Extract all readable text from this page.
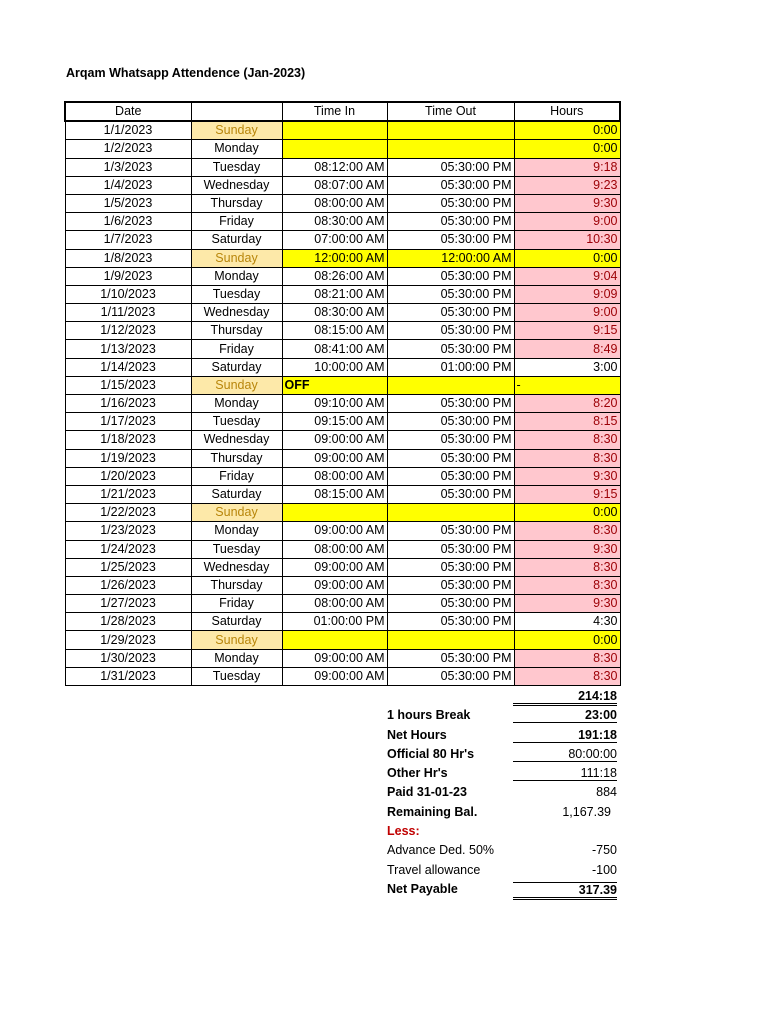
Arqam Whatsapp Attendence (Jan-2023)
Date		Time In	Time Out	Hours
1/1/2023	Sunday			0:00
1/2/2023	Monday			0:00
1/3/2023	Tuesday	08:12:00 AM	05:30:00 PM	9:18
1/4/2023	Wednesday	08:07:00 AM	05:30:00 PM	9:23
1/5/2023	Thursday	08:00:00 AM	05:30:00 PM	9:30
1/6/2023	Friday	08:30:00 AM	05:30:00 PM	9:00
1/7/2023	Saturday	07:00:00 AM	05:30:00 PM	10:30
1/8/2023	Sunday	12:00:00 AM	12:00:00 AM	0:00
1/9/2023	Monday	08:26:00 AM	05:30:00 PM	9:04
1/10/2023	Tuesday	08:21:00 AM	05:30:00 PM	9:09
1/11/2023	Wednesday	08:30:00 AM	05:30:00 PM	9:00
1/12/2023	Thursday	08:15:00 AM	05:30:00 PM	9:15
1/13/2023	Friday	08:41:00 AM	05:30:00 PM	8:49
1/14/2023	Saturday	10:00:00 AM	01:00:00 PM	3:00
1/15/2023	Sunday	OFF		-
1/16/2023	Monday	09:10:00 AM	05:30:00 PM	8:20
1/17/2023	Tuesday	09:15:00 AM	05:30:00 PM	8:15
1/18/2023	Wednesday	09:00:00 AM	05:30:00 PM	8:30
1/19/2023	Thursday	09:00:00 AM	05:30:00 PM	8:30
1/20/2023	Friday	08:00:00 AM	05:30:00 PM	9:30
1/21/2023	Saturday	08:15:00 AM	05:30:00 PM	9:15
1/22/2023	Sunday			0:00
1/23/2023	Monday	09:00:00 AM	05:30:00 PM	8:30
1/24/2023	Tuesday	08:00:00 AM	05:30:00 PM	9:30
1/25/2023	Wednesday	09:00:00 AM	05:30:00 PM	8:30
1/26/2023	Thursday	09:00:00 AM	05:30:00 PM	8:30
1/27/2023	Friday	08:00:00 AM	05:30:00 PM	9:30
1/28/2023	Saturday	01:00:00 PM	05:30:00 PM	4:30
1/29/2023	Sunday			0:00
1/30/2023	Monday	09:00:00 AM	05:30:00 PM	8:30
1/31/2023	Tuesday	09:00:00 AM	05:30:00 PM	8:30
214:18
1 hours Break	23:00
Net Hours	191:18
Official 80 Hr's	80:00:00
Other Hr's	111:18
Paid 31-01-23	884
Remaining Bal.	1,167.39
Less:
Advance Ded. 50%	-750
Travel allowance	-100
Net Payable	317.39
